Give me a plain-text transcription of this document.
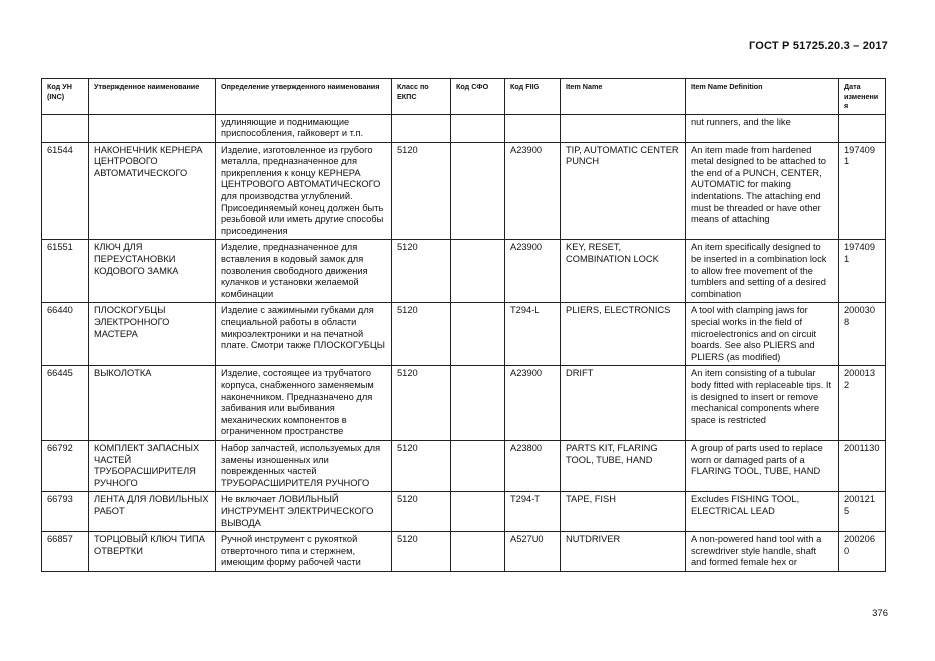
ГОСТ Р 51725.20.3 – 2017
Код УН (INC)	Утвержденное наименование	Определение утвержденного наименования	Класс по ЕКПС	Код СФО	Код FIIG	Item Name	Item Name Definition	Дата изменения
		удлиняющие и поднимающие приспособления, гайковерт и т.п.					nut runners, and the like	
61544	НАКОНЕЧНИК КЕРНЕРА ЦЕНТРОВОГО АВТОМАТИЧЕСКОГО	Изделие, изготовленное из грубого металла, предназначенное для прикрепления к концу КЕРНЕРА ЦЕНТРОВОГО АВТОМАТИЧЕСКОГО для производства углублений. Присоединяемый конец должен быть резьбовой или иметь другие способы присоединения	5120		A23900	TIP, AUTOMATIC CENTER PUNCH	An item made from hardened metal designed to be attached to the end of a PUNCH, CENTER, AUTOMATIC for making indentations. The attaching end must be threaded or have other means of attaching	1974091
61551	КЛЮЧ ДЛЯ ПЕРЕУСТАНОВКИ КОДОВОГО ЗАМКА	Изделие, предназначенное для вставления в кодовый замок для позволения свободного движения кулачков и установки желаемой комбинации	5120		A23900	KEY, RESET, COMBINATION LOCK	An item specifically designed to be inserted in a combination lock to allow free movement of the tumblers and setting of a desired combination	1974091
66440	ПЛОСКОГУБЦЫ ЭЛЕКТРОННОГО МАСТЕРА	Изделие с зажимными губками для специальной работы в области микроэлектроники и на печатной плате. Смотри также ПЛОСКОГУБЦЫ	5120		T294-L	PLIERS, ELECTRONICS	A tool with clamping jaws for special works in the field of microelectronics and on circuit boards. See also PLIERS and PLIERS (as modified)	2000308
66445	ВЫКОЛОТКА	Изделие, состоящее из трубчатого корпуса, снабженного заменяемым наконечником. Предназначено для забивания или выбивания механических компонентов в ограниченном пространстве	5120		A23900	DRIFT	An item consisting of a tubular body fitted with replaceable tips. It is designed to insert or remove mechanical components where space is restricted	2000132
66792	КОМПЛЕКТ ЗАПАСНЫХ ЧАСТЕЙ ТРУБОРАСШИРИТЕЛЯ РУЧНОГО	Набор запчастей, используемых для замены изношенных или поврежденных частей ТРУБОРАСШИРИТЕЛЯ РУЧНОГО	5120		A23800	PARTS KIT, FLARING TOOL, TUBE, HAND	A group of parts used to replace worn or damaged parts of a FLARING TOOL, TUBE, HAND	2001130
66793	ЛЕНТА ДЛЯ ЛОВИЛЬНЫХ РАБОТ	Не включает ЛОВИЛЬНЫЙ ИНСТРУМЕНТ ЭЛЕКТРИЧЕСКОГО ВЫВОДА	5120		T294-T	TAPE, FISH	Excludes FISHING TOOL, ELECTRICAL LEAD	2001215
66857	ТОРЦОВЫЙ КЛЮЧ ТИПА ОТВЕРТКИ	Ручной инструмент с рукояткой отверточного типа и стержнем, имеющим форму рабочей части	5120		A527U0	NUTDRIVER	A non-powered hand tool with a screwdriver style handle, shaft and formed female hex or	2002060
376
